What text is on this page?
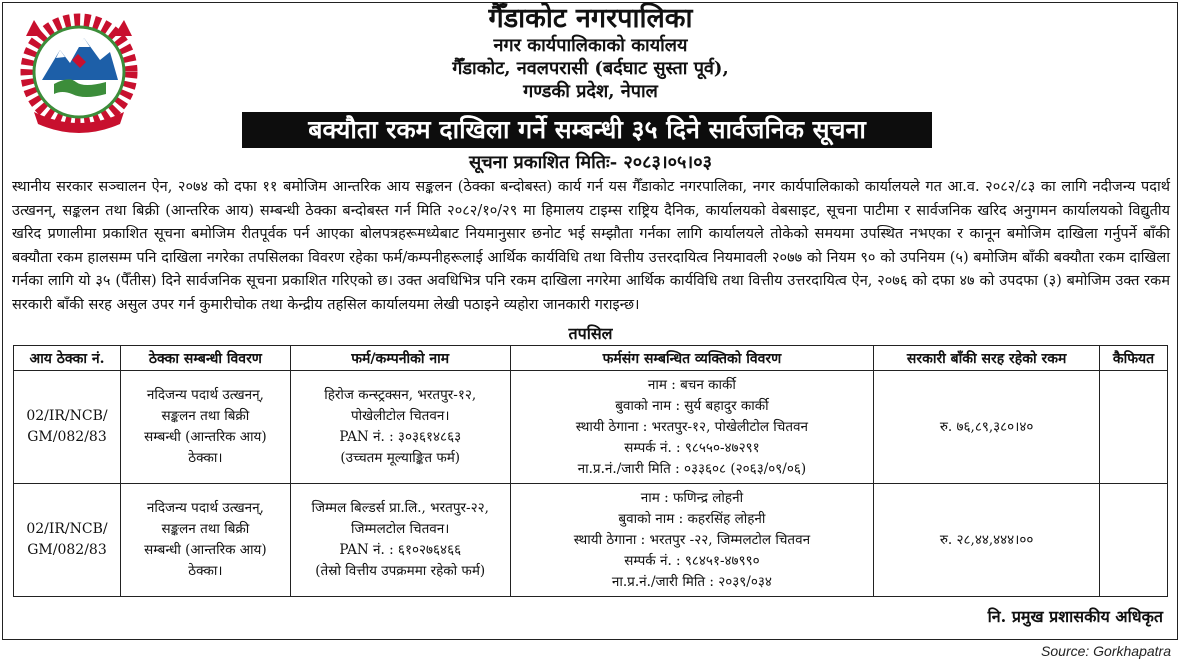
गैँडाकोट नगरपालिका
नगर कार्यपालिकाको कार्यालय
गैँडाकोट, नवलपरासी (बर्दघाट सुस्ता पूर्व),
गण्डकी प्रदेश, नेपाल
बक्यौता रकम दाखिला गर्ने सम्बन्धी ३५ दिने सार्वजनिक सूचना
सूचना प्रकाशित मितिः- २०८३।०५।०३
स्थानीय सरकार सञ्चालन ऐन, २०७४ को दफा ११ बमोजिम आन्तरिक आय सङ्कलन (ठेक्का बन्दोबस्त) कार्य गर्न यस गैँडाकोट नगरपालिका, नगर कार्यपालिकाको कार्यालयले गत आ.व. २०८२/८३ का लागि नदीजन्य पदार्थ उत्खनन्, सङ्कलन तथा बिक्री (आन्तरिक आय) सम्बन्धी ठेक्का बन्दोबस्त गर्न मिति २०८२/१०/२९ मा हिमालय टाइम्स राष्ट्रिय दैनिक, कार्यालयको वेबसाइट, सूचना पाटीमा र सार्वजनिक खरिद अनुगमन कार्यालयको विद्युतीय खरिद प्रणालीमा प्रकाशित सूचना बमोजिम रीतपूर्वक पर्न आएका बोलपत्रहरूमध्येबाट नियमानुसार छनोट भई सम्झौता गर्नका लागि कार्यालयले तोकेको समयमा उपस्थित नभएका र कानून बमोजिम दाखिला गर्नुपर्ने बाँकी बक्यौता रकम हालसम्म पनि दाखिला नगरेका तपसिलका विवरण रहेका फर्म/कम्पनीहरूलाई आर्थिक कार्यविधि तथा वित्तीय उत्तरदायित्व नियमावली २०७७ को नियम ९० को उपनियम (५) बमोजिम बाँकी बक्यौता रकम दाखिला गर्नका लागि यो ३५ (पैँतीस) दिने सार्वजनिक सूचना प्रकाशित गरिएको छ। उक्त अवधिभित्र पनि रकम दाखिला नगरेमा आर्थिक कार्यविधि तथा वित्तीय उत्तरदायित्व ऐन, २०७६ को दफा ४७ को उपदफा (३) बमोजिम उक्त रकम सरकारी बाँकी सरह असुल उपर गर्न कुमारीचोक तथा केन्द्रीय तहसिल कार्यालयमा लेखी पठाइने व्यहोरा जानकारी गराइन्छ।
तपसिल
आय ठेक्का नं.	ठेक्का सम्बन्धी विवरण	फर्म/कम्पनीको नाम	फर्मसंग सम्बन्धित व्यक्तिको विवरण	सरकारी बाँकी सरह रहेको रकम	कैफियत

02/IR/NCB/
GM/082/83	नदिजन्य पदार्थ उत्खनन्,
सङ्कलन तथा बिक्री
सम्बन्धी (आन्तरिक आय)
ठेक्का।	हिरोज कन्स्ट्रक्सन, भरतपुर-१२,
पोखेलीटोल चितवन।
PAN नं. : ३०३६१४८६३
(उच्चतम मूल्याङ्कित फर्म)	नाम : बचन कार्की
बुवाको नाम : सुर्य बहादुर कार्की
स्थायी ठेगाना : भरतपुर-१२, पोखेलीटोल चितवन
सम्पर्क नं. : ९८५५०-४७२९१
ना.प्र.नं./जारी मिति : ०३३६०८ (२०६३/०९/०६)	रु. ७६,८९,३८०।४०	

02/IR/NCB/
GM/082/83	नदिजन्य पदार्थ उत्खनन्,
सङ्कलन तथा बिक्री
सम्बन्धी (आन्तरिक आय)
ठेक्का।	जिम्मल बिल्डर्स प्रा.लि., भरतपुर-२२,
जिम्मलटोल चितवन।
PAN नं. : ६१०२७६४६६
(तेस्रो वित्तीय उपक्रममा रहेको फर्म)	नाम : फणिन्द्र लोहनी
बुवाको नाम : कहरसिंह लोहनी
स्थायी ठेगाना : भरतपुर -२२, जिम्मलटोल चितवन
सम्पर्क नं. : ९८४५१-४७९९०
ना.प्र.नं./जारी मिति : २०३९/०३४	रु. २८,४४,४४४।००	
नि. प्रमुख प्रशासकीय अधिकृत
Source: Gorkhapatra
